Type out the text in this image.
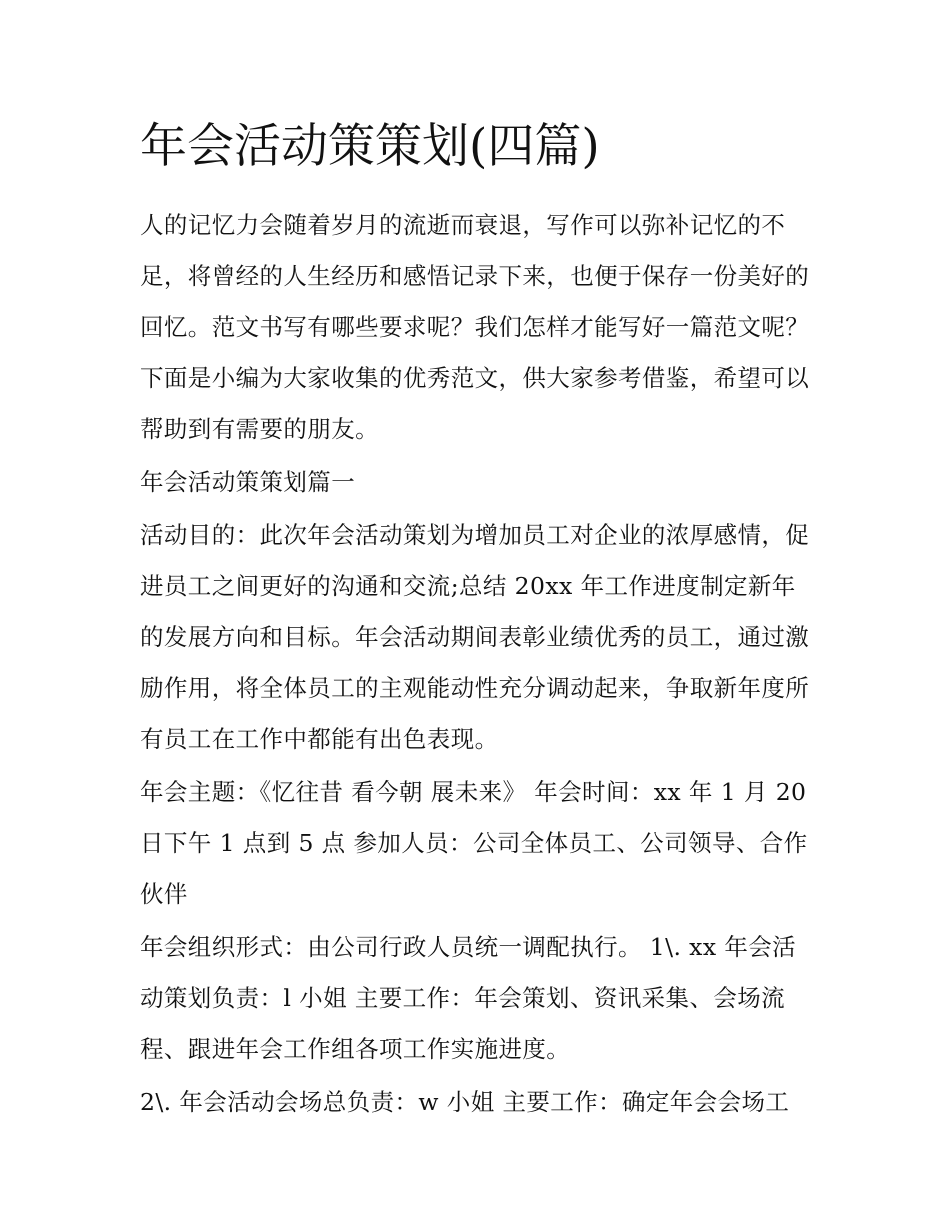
年会活动策策划(四篇)

人的记忆力会随着岁月的流逝而衰退，写作可以弥补记忆的不足，将曾经的人生经历和感悟记录下来，也便于保存一份美好的回忆。范文书写有哪些要求呢？我们怎样才能写好一篇范文呢？下面是小编为大家收集的优秀范文，供大家参考借鉴，希望可以帮助到有需要的朋友。

年会活动策策划篇一

活动目的：此次年会活动策划为增加员工对企业的浓厚感情，促进员工之间更好的沟通和交流;总结 20xx 年工作进度制定新年的发展方向和目标。年会活动期间表彰业绩优秀的员工，通过激励作用，将全体员工的主观能动性充分调动起来，争取新年度所有员工在工作中都能有出色表现。

年会主题：《忆往昔 看今朝 展未来》 年会时间：xx 年 1 月 20 日下午 1 点到 5 点 参加人员：公司全体员工、公司领导、合作伙伴

年会组织形式：由公司行政人员统一调配执行。 1\. xx 年会活动策划负责：l 小姐 主要工作：年会策划、资讯采集、会场流程、跟进年会工作组各项工作实施进度。

2\. 年会活动会场总负责：w 小姐 主要工作：确定年会会场工
